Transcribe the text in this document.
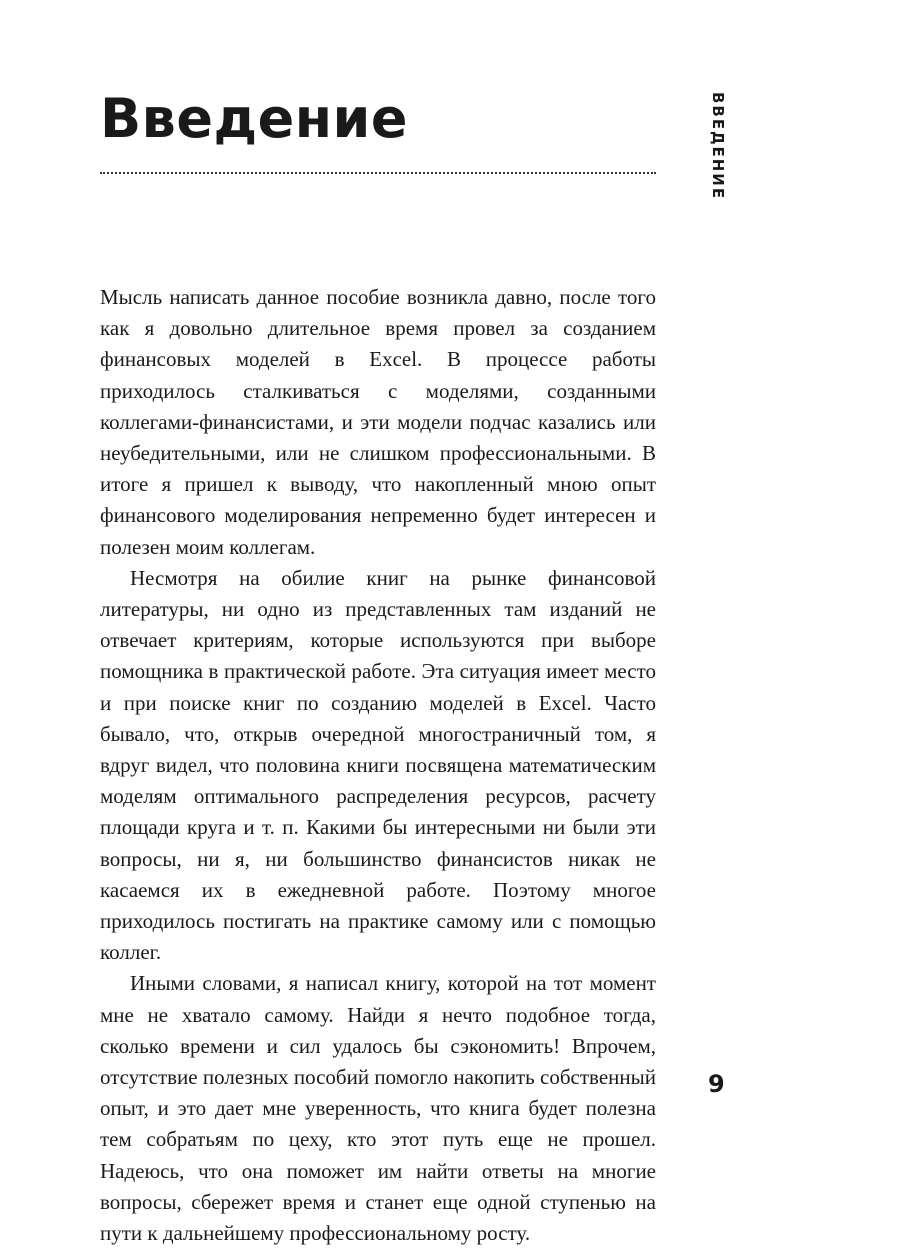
Введение	ВВЕДЕНИЕ

Мысль написать данное пособие возникла давно, после того как я довольно длительное время провел за созданием финансовых моделей в Excel. В процессе работы приходилось сталкиваться с моделями, созданными коллегами-финансистами, и эти модели подчас казались или неубедительными, или не слишком профессиональными. В итоге я пришел к выводу, что накопленный мною опыт финансового моделирования непременно будет интересен и полезен моим коллегам.

Несмотря на обилие книг на рынке финансовой литературы, ни одно из представленных там изданий не отвечает критериям, которые используются при выборе помощника в практической работе. Эта ситуация имеет место и при поиске книг по созданию моделей в Excel. Часто бывало, что, открыв очередной многостраничный том, я вдруг видел, что половина книги посвящена математическим моделям оптимального распределения ресурсов, расчету площади круга и т. п. Какими бы интересными ни были эти вопросы, ни я, ни большинство финансистов никак не касаемся их в ежедневной работе. Поэтому многое приходилось постигать на практике самому или с помощью коллег.

Иными словами, я написал книгу, которой на тот момент мне не хватало самому. Найди я нечто подобное тогда, сколько времени и сил удалось бы сэкономить! Впрочем, отсутствие полезных пособий помогло накопить собственный опыт, и это дает мне уверенность, что книга будет полезна тем собратьям по цеху, кто этот путь еще не прошел. Надеюсь, что она поможет им найти ответы на многие вопросы, сбережет время и станет еще одной ступенью на пути к дальнейшему профессиональному росту.

9
